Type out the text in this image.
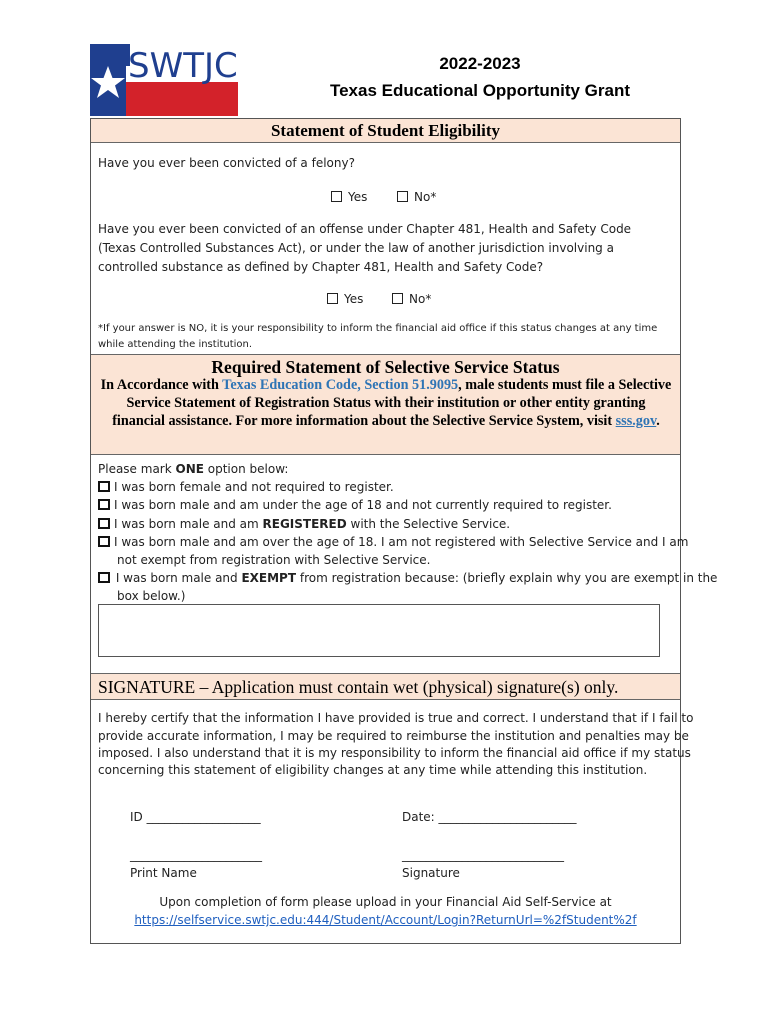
SWTJC	2022-2023
Texas Educational Opportunity Grant
Statement of Student Eligibility
Have you ever been convicted of a felony?
Yes	No*
Have you ever been convicted of an offense under Chapter 481, Health and Safety Code
(Texas Controlled Substances Act), or under the law of another jurisdiction involving a
controlled substance as defined by Chapter 481, Health and Safety Code?
Yes	No*
*If your answer is NO, it is your responsibility to inform the financial aid office if this status changes at any time
while attending the institution.
Required Statement of Selective Service Status
In Accordance with Texas Education Code, Section 51.9095, male students must file a Selective Service Statement of Registration Status with their institution or other entity granting financial assistance. For more information about the Selective Service System, visit sss.gov.
Please mark ONE option below:
I was born female and not required to register.
I was born male and am under the age of 18 and not currently required to register.
I was born male and am REGISTERED with the Selective Service.
I was born male and am over the age of 18. I am not registered with Selective Service and I am
not exempt from registration with Selective Service.
I was born male and EXEMPT from registration because: (briefly explain why you are exempt in the
box below.)
SIGNATURE – Application must contain wet (physical) signature(s) only.
I hereby certify that the information I have provided is true and correct. I understand that if I fail to
provide accurate information, I may be required to reimburse the institution and penalties may be
imposed. I also understand that it is my responsibility to inform the financial aid office if my status
concerning this statement of eligibility changes at any time while attending this institution.
ID ___________________	Date: _______________________
______________________
Print Name
___________________________
Signature
Upon completion of form please upload in your Financial Aid Self-Service at
https://selfservice.swtjc.edu:444/Student/Account/Login?ReturnUrl=%2fStudent%2f
